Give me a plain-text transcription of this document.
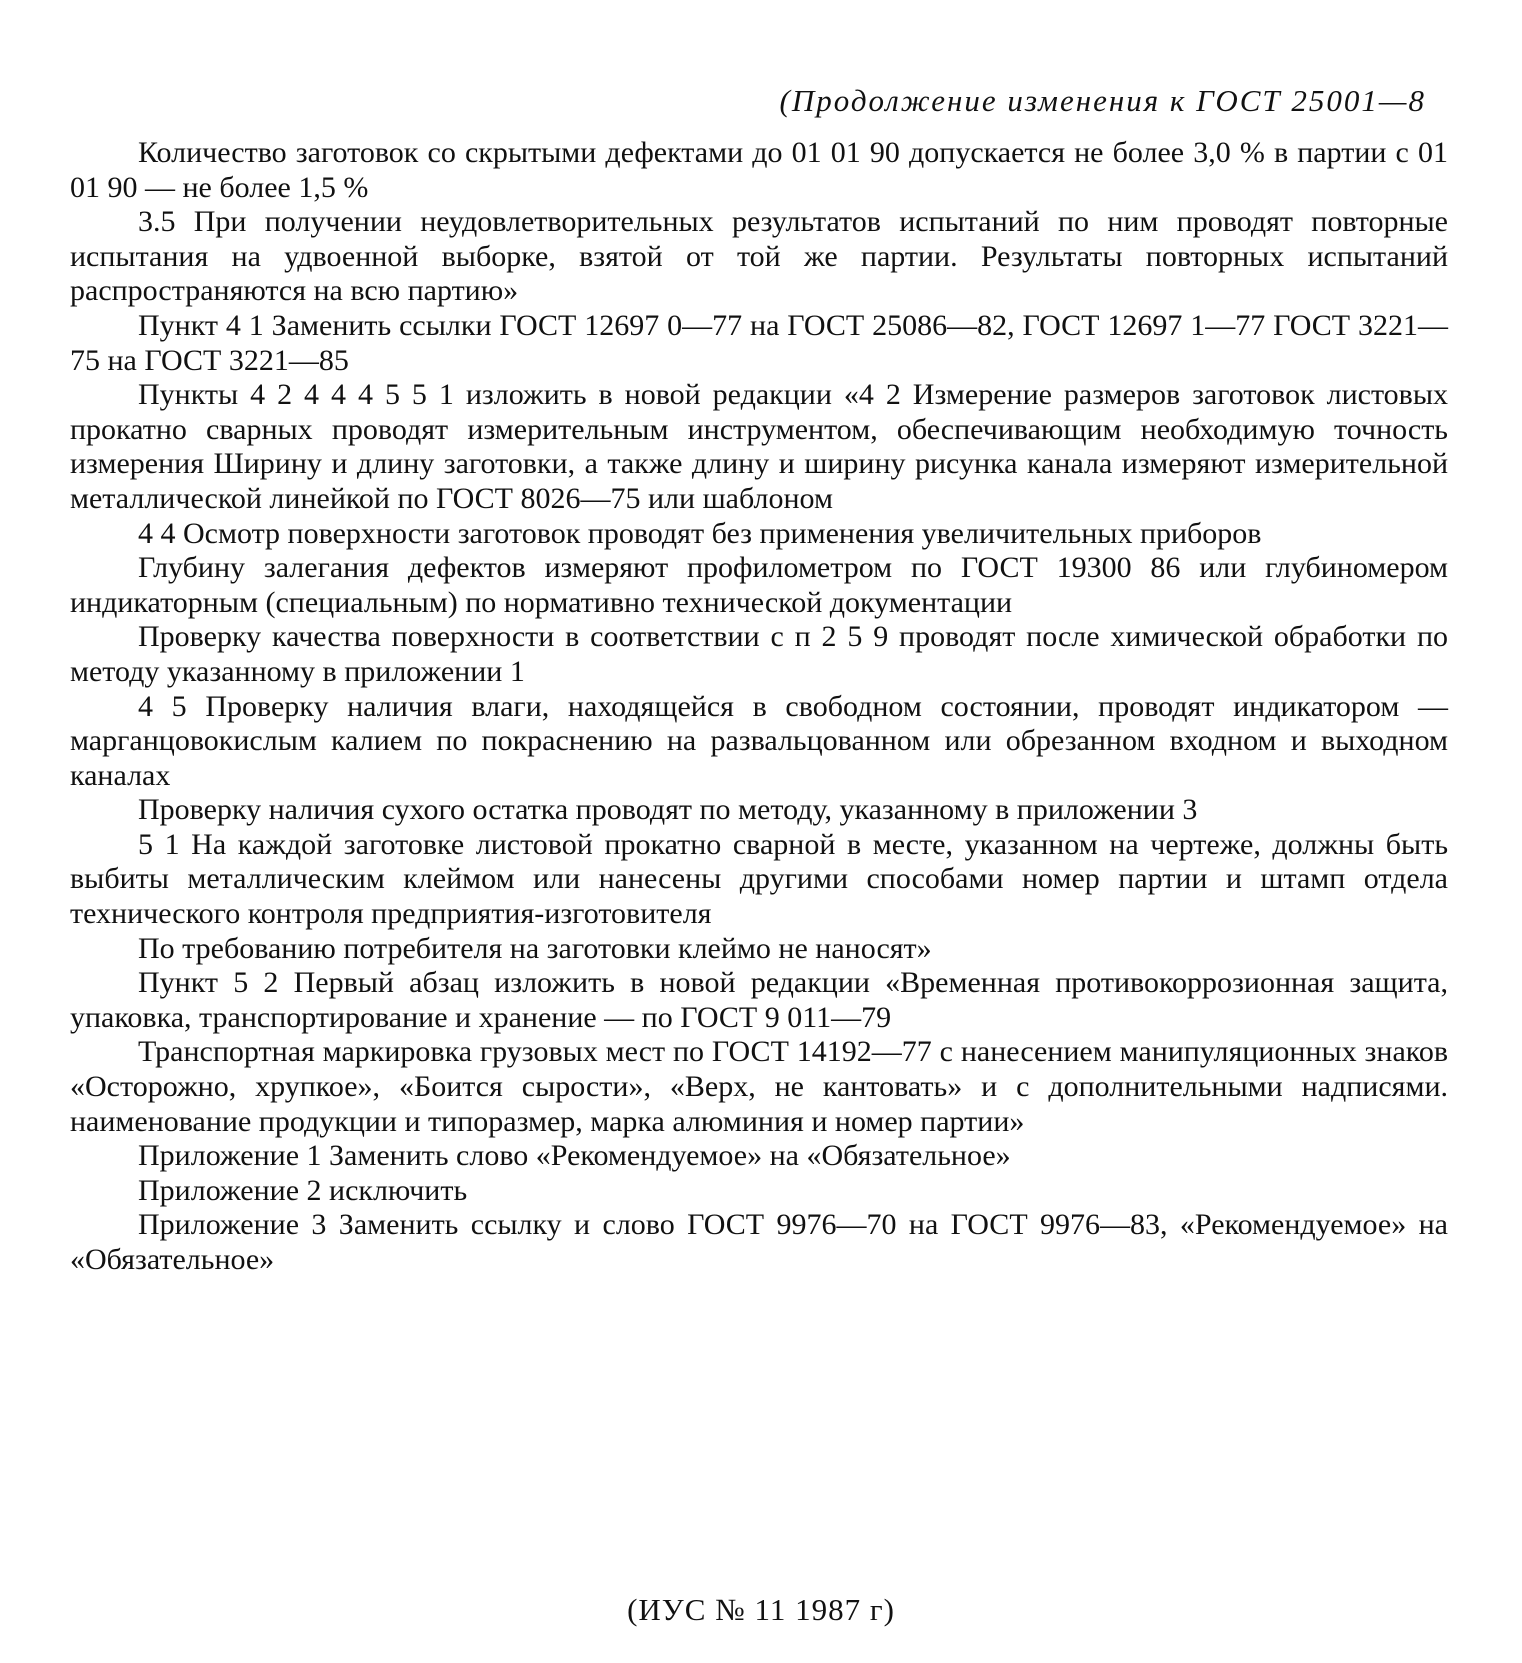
(Продолжение изменения к ГОСТ 25001—8

Количество заготовок со скрытыми дефектами до 01 01 90 допускается не более 3,0 % в партии с 01 01 90 — не более 1,5 %

3.5 При получении неудовлетворительных результатов испытаний по ним проводят повторные испытания на удвоенной выборке, взятой от той же партии. Результаты повторных испытаний распространяются на всю партию»

Пункт 4 1 Заменить ссылки ГОСТ 12697 0—77 на ГОСТ 25086—82, ГОСТ 12697 1—77 ГОСТ 3221—75 на ГОСТ 3221—85

Пункты 4 2 4 4 4 5 5 1 изложить в новой редакции «4 2 Измерение размеров заготовок листовых прокатно сварных проводят измерительным инструментом, обеспечивающим необходимую точность измерения Ширину и длину заготовки, а также длину и ширину рисунка канала измеряют измерительной металлической линейкой по ГОСТ 8026—75 или шаблоном

4 4 Осмотр поверхности заготовок проводят без применения увеличительных приборов

Глубину залегания дефектов измеряют профилометром по ГОСТ 19300 86 или глубиномером индикаторным (специальным) по нормативно технической документации

Проверку качества поверхности в соответствии с п 2 5 9 проводят после химической обработки по методу указанному в приложении 1

4 5 Проверку наличия влаги, находящейся в свободном состоянии, проводят индикатором — марганцовокислым калием по покраснению на развальцованном или обрезанном входном и выходном каналах

Проверку наличия сухого остатка проводят по методу, указанному в приложении 3

5 1 На каждой заготовке листовой прокатно сварной в месте, указанном на чертеже, должны быть выбиты металлическим клеймом или нанесены другими способами номер партии и штамп отдела технического контроля предприятия-изготовителя

По требованию потребителя на заготовки клеймо не наносят»

Пункт 5 2 Первый абзац изложить в новой редакции «Временная противокоррозионная защита, упаковка, транспортирование и хранение — по ГОСТ 9 011—79

Транспортная маркировка грузовых мест по ГОСТ 14192—77 с нанесением манипуляционных знаков «Осторожно, хрупкое», «Боится сырости», «Верх, не кантовать» и с дополнительными надписями. наименование продукции и типоразмер, марка алюминия и номер партии»

Приложение 1 Заменить слово «Рекомендуемое» на «Обязательное»

Приложение 2 исключить

Приложение 3 Заменить ссылку и слово ГОСТ 9976—70 на ГОСТ 9976—83, «Рекомендуемое» на «Обязательное»

(ИУС № 11 1987 г)
